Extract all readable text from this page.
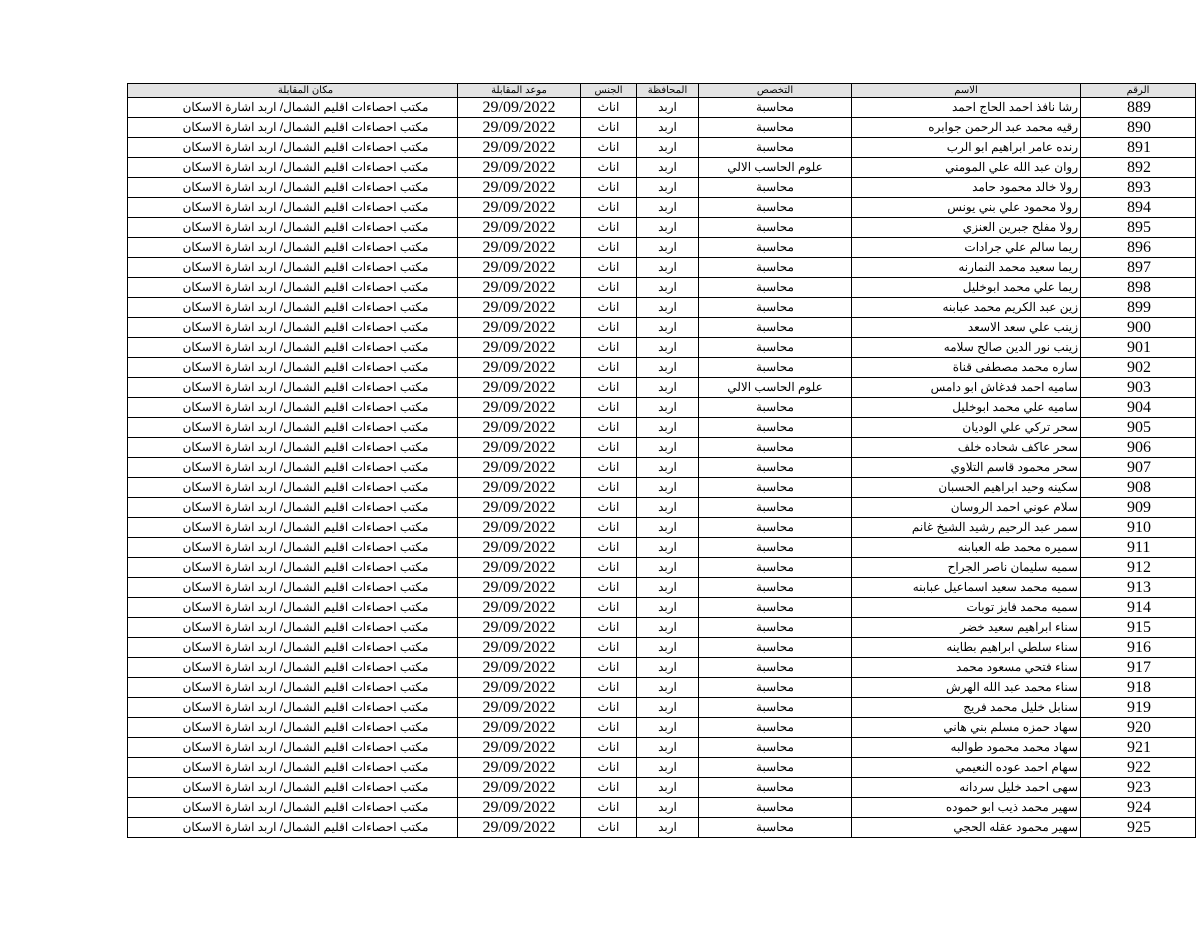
الرقم	الاسم	التخصص	المحافظة	الجنس	موعد المقابلة	مكان المقابلة
889	رشا نافذ احمد الحاج احمد	محاسبة	اربد	اناث	29/09/2022	مكتب احصاءات اقليم الشمال/ اربد اشارة الاسكان
890	رقيه محمد عبد الرحمن جوابره	محاسبة	اربد	اناث	29/09/2022	مكتب احصاءات اقليم الشمال/ اربد اشارة الاسكان
891	رنده عامر ابراهيم ابو الرب	محاسبة	اربد	اناث	29/09/2022	مكتب احصاءات اقليم الشمال/ اربد اشارة الاسكان
892	روان عبد الله علي المومني	علوم الحاسب الالي	اربد	اناث	29/09/2022	مكتب احصاءات اقليم الشمال/ اربد اشارة الاسكان
893	رولا خالد محمود حامد	محاسبة	اربد	اناث	29/09/2022	مكتب احصاءات اقليم الشمال/ اربد اشارة الاسكان
894	رولا محمود علي بني يونس	محاسبة	اربد	اناث	29/09/2022	مكتب احصاءات اقليم الشمال/ اربد اشارة الاسكان
895	رولا مفلح جبرين العنزي	محاسبة	اربد	اناث	29/09/2022	مكتب احصاءات اقليم الشمال/ اربد اشارة الاسكان
896	ريما سالم علي جرادات	محاسبة	اربد	اناث	29/09/2022	مكتب احصاءات اقليم الشمال/ اربد اشارة الاسكان
897	ريما سعيد محمد النمارنه	محاسبة	اربد	اناث	29/09/2022	مكتب احصاءات اقليم الشمال/ اربد اشارة الاسكان
898	ريما علي محمد ابوخليل	محاسبة	اربد	اناث	29/09/2022	مكتب احصاءات اقليم الشمال/ اربد اشارة الاسكان
899	زين عبد الكريم محمد عبابنه	محاسبة	اربد	اناث	29/09/2022	مكتب احصاءات اقليم الشمال/ اربد اشارة الاسكان
900	زينب علي سعد الاسعد	محاسبة	اربد	اناث	29/09/2022	مكتب احصاءات اقليم الشمال/ اربد اشارة الاسكان
901	زينب نور الدين صالح سلامه	محاسبة	اربد	اناث	29/09/2022	مكتب احصاءات اقليم الشمال/ اربد اشارة الاسكان
902	ساره محمد مصطفى قناة	محاسبة	اربد	اناث	29/09/2022	مكتب احصاءات اقليم الشمال/ اربد اشارة الاسكان
903	ساميه احمد فدغاش ابو دامس	علوم الحاسب الالي	اربد	اناث	29/09/2022	مكتب احصاءات اقليم الشمال/ اربد اشارة الاسكان
904	ساميه علي محمد ابوخليل	محاسبة	اربد	اناث	29/09/2022	مكتب احصاءات اقليم الشمال/ اربد اشارة الاسكان
905	سحر تركي علي الوديان	محاسبة	اربد	اناث	29/09/2022	مكتب احصاءات اقليم الشمال/ اربد اشارة الاسكان
906	سحر عاكف شحاده خلف	محاسبة	اربد	اناث	29/09/2022	مكتب احصاءات اقليم الشمال/ اربد اشارة الاسكان
907	سحر محمود قاسم التلاوي	محاسبة	اربد	اناث	29/09/2022	مكتب احصاءات اقليم الشمال/ اربد اشارة الاسكان
908	سكينه وحيد ابراهيم الحسبان	محاسبة	اربد	اناث	29/09/2022	مكتب احصاءات اقليم الشمال/ اربد اشارة الاسكان
909	سلام عوني احمد الروسان	محاسبة	اربد	اناث	29/09/2022	مكتب احصاءات اقليم الشمال/ اربد اشارة الاسكان
910	سمر عبد الرحيم رشيد الشيخ غانم	محاسبة	اربد	اناث	29/09/2022	مكتب احصاءات اقليم الشمال/ اربد اشارة الاسكان
911	سميره محمد طه العبابنه	محاسبة	اربد	اناث	29/09/2022	مكتب احصاءات اقليم الشمال/ اربد اشارة الاسكان
912	سميه سليمان ناصر الجراح	محاسبة	اربد	اناث	29/09/2022	مكتب احصاءات اقليم الشمال/ اربد اشارة الاسكان
913	سميه محمد سعيد اسماعيل عبابنه	محاسبة	اربد	اناث	29/09/2022	مكتب احصاءات اقليم الشمال/ اربد اشارة الاسكان
914	سميه محمد فايز توبات	محاسبة	اربد	اناث	29/09/2022	مكتب احصاءات اقليم الشمال/ اربد اشارة الاسكان
915	سناء ابراهيم سعيد خضر	محاسبة	اربد	اناث	29/09/2022	مكتب احصاءات اقليم الشمال/ اربد اشارة الاسكان
916	سناء سلطي ابراهيم بطاينه	محاسبة	اربد	اناث	29/09/2022	مكتب احصاءات اقليم الشمال/ اربد اشارة الاسكان
917	سناء فتحي مسعود محمد	محاسبة	اربد	اناث	29/09/2022	مكتب احصاءات اقليم الشمال/ اربد اشارة الاسكان
918	سناء محمد عبد الله الهرش	محاسبة	اربد	اناث	29/09/2022	مكتب احصاءات اقليم الشمال/ اربد اشارة الاسكان
919	سنابل خليل محمد فريج	محاسبة	اربد	اناث	29/09/2022	مكتب احصاءات اقليم الشمال/ اربد اشارة الاسكان
920	سهاد حمزه مسلم بني هاني	محاسبة	اربد	اناث	29/09/2022	مكتب احصاءات اقليم الشمال/ اربد اشارة الاسكان
921	سهاد محمد محمود طوالبه	محاسبة	اربد	اناث	29/09/2022	مكتب احصاءات اقليم الشمال/ اربد اشارة الاسكان
922	سهام احمد عوده النعيمي	محاسبة	اربد	اناث	29/09/2022	مكتب احصاءات اقليم الشمال/ اربد اشارة الاسكان
923	سهى احمد خليل سردانه	محاسبة	اربد	اناث	29/09/2022	مكتب احصاءات اقليم الشمال/ اربد اشارة الاسكان
924	سهير محمد ذيب ابو حموده	محاسبة	اربد	اناث	29/09/2022	مكتب احصاءات اقليم الشمال/ اربد اشارة الاسكان
925	سهير محمود عقله الحجي	محاسبة	اربد	اناث	29/09/2022	مكتب احصاءات اقليم الشمال/ اربد اشارة الاسكان
